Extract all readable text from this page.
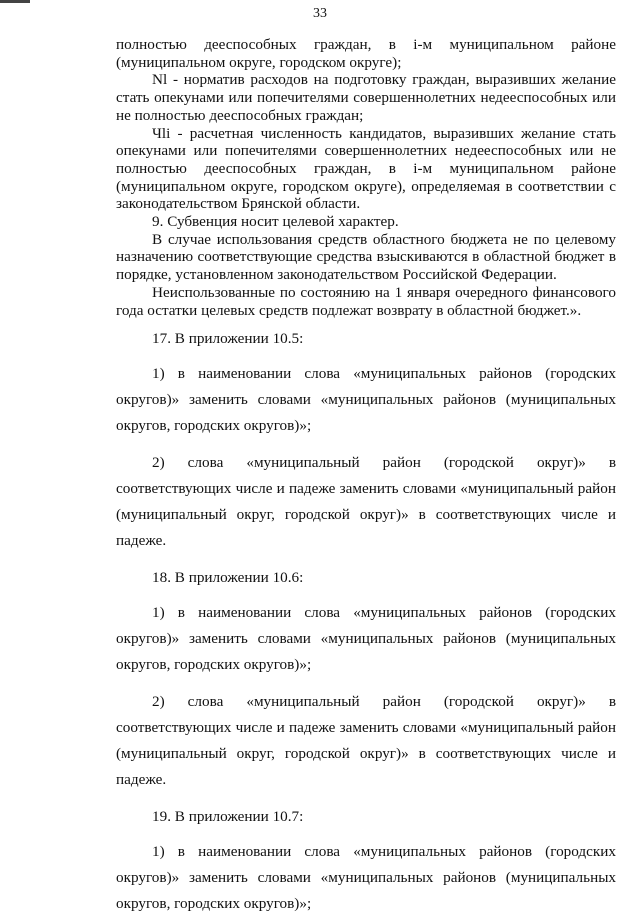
33

полностью дееспособных граждан, в i-м муниципальном районе (муниципальном округе, городском округе);

Nl - норматив расходов на подготовку граждан, выразивших желание стать опекунами или попечителями совершеннолетних недееспособных или не полностью дееспособных граждан;

Чli - расчетная численность кандидатов, выразивших желание стать опекунами или попечителями совершеннолетних недееспособных или не полностью дееспособных граждан, в i-м муниципальном районе (муниципальном округе, городском округе), определяемая в соответствии с законодательством Брянской области.

9. Субвенция носит целевой характер.

В случае использования средств областного бюджета не по целевому назначению соответствующие средства взыскиваются в областной бюджет в порядке, установленном законодательством Российской Федерации.

Неиспользованные по состоянию на 1 января очередного финансового года остатки целевых средств подлежат возврату в областной бюджет.».

17. В приложении 10.5:

1) в наименовании слова «муниципальных районов (городских округов)» заменить словами «муниципальных районов (муниципальных округов, городских округов)»;

2) слова «муниципальный район (городской округ)» в соответствующих числе и падеже заменить словами «муниципальный район (муниципальный округ, городской округ)» в соответствующих числе и падеже.

18. В приложении 10.6:

1) в наименовании слова «муниципальных районов (городских округов)» заменить словами «муниципальных районов (муниципальных округов, городских округов)»;

2) слова «муниципальный район (городской округ)» в соответствующих числе и падеже заменить словами «муниципальный район (муниципальный округ, городской округ)» в соответствующих числе и падеже.

19. В приложении 10.7:

1) в наименовании слова «муниципальных районов (городских округов)» заменить словами «муниципальных районов (муниципальных округов, городских округов)»;
